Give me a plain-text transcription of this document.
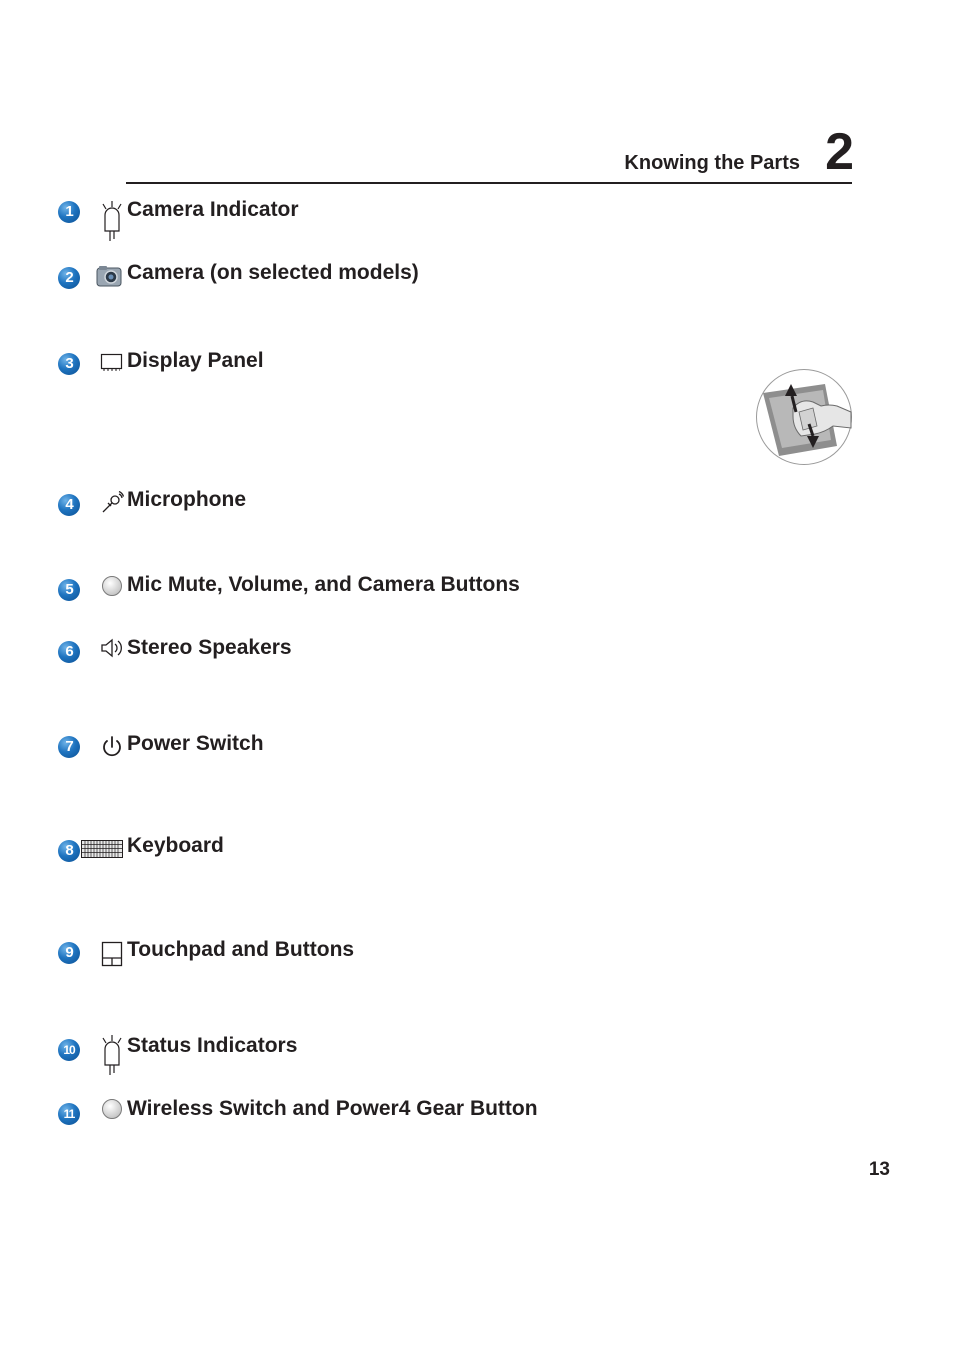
Knowing the Parts 2
1	Camera Indicator
2	Camera (on selected models)
3	Display Panel
4	Microphone
5	Mic Mute, Volume, and Camera Buttons
6	Stereo Speakers
7	Power Switch
8	Keyboard
9	Touchpad and Buttons
10 Status Indicators
11	Wireless Switch and Power4 Gear Button
13
